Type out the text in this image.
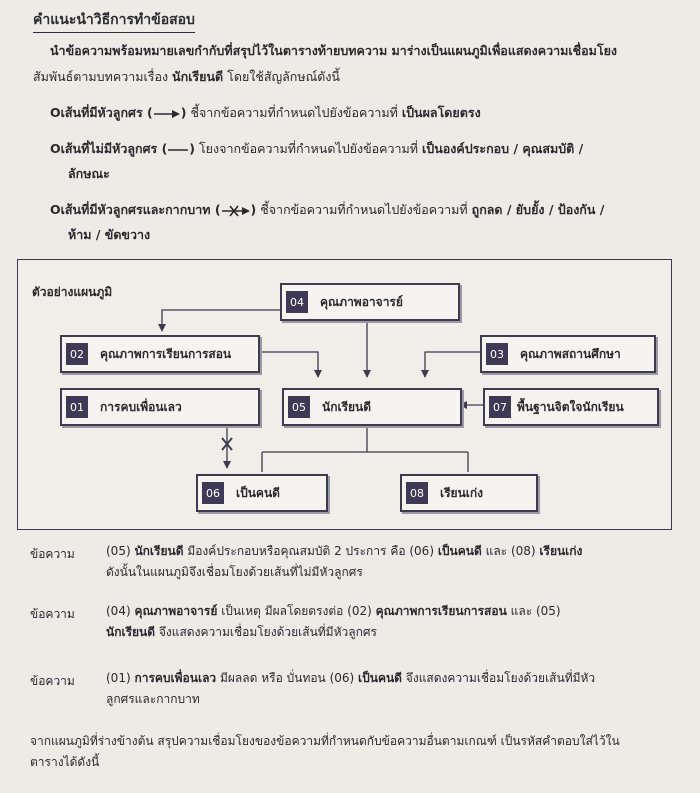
คำแนะนำวิธีการทำข้อสอบ
นำข้อความพร้อมหมายเลขกำกับที่สรุปไว้ในตารางท้ายบทความ มาร่างเป็นแผนภูมิเพื่อแสดงความเชื่อมโยง
สัมพันธ์ตามบทความเรื่อง นักเรียนดี โดยใช้สัญลักษณ์ดังนี้
Oเส้นที่มีหัวลูกศร ( ) ชี้จากข้อความที่กำหนดไปยังข้อความที่ เป็นผลโดยตรง
Oเส้นที่ไม่มีหัวลูกศร ( ) โยงจากข้อความที่กำหนดไปยังข้อความที่ เป็นองค์ประกอบ / คุณสมบัติ /
ลักษณะ
Oเส้นที่มีหัวลูกศรและกากบาท ( ) ชี้จากข้อความที่กำหนดไปยังข้อความที่ ถูกลด / ยับยั้ง / ป้องกัน /
ห้าม / ขัดขวาง
ตัวอย่างแผนภูมิ
04	คุณภาพอาจารย์
02	คุณภาพการเรียนการสอน	03	คุณภาพสถานศึกษา
01	การคบเพื่อนเลว	05	นักเรียนดี	07 พื้นฐานจิตใจนักเรียน
06	เป็นคนดี	08	เรียนเก่ง
ข้อความ	(05) นักเรียนดี มีองค์ประกอบหรือคุณสมบัติ 2 ประการ คือ (06) เป็นคนดี และ (08) เรียนเก่ง
ดังนั้นในแผนภูมิจึงเชื่อมโยงด้วยเส้นที่ไม่มีหัวลูกศร
ข้อความ	(04) คุณภาพอาจารย์ เป็นเหตุ มีผลโดยตรงต่อ (02) คุณภาพการเรียนการสอน และ (05)
นักเรียนดี จึงแสดงความเชื่อมโยงด้วยเส้นที่มีหัวลูกศร
ข้อความ	(01) การคบเพื่อนเลว มีผลลด หรือ บั่นทอน (06) เป็นคนดี จึงแสดงความเชื่อมโยงด้วยเส้นที่มีหัว
ลูกศรและกากบาท
จากแผนภูมิที่ร่างข้างต้น สรุปความเชื่อมโยงของข้อความที่กำหนดกับข้อความอื่นตามเกณฑ์ เป็นรหัสคำตอบใส่ไว้ใน
ตารางได้ดังนี้
